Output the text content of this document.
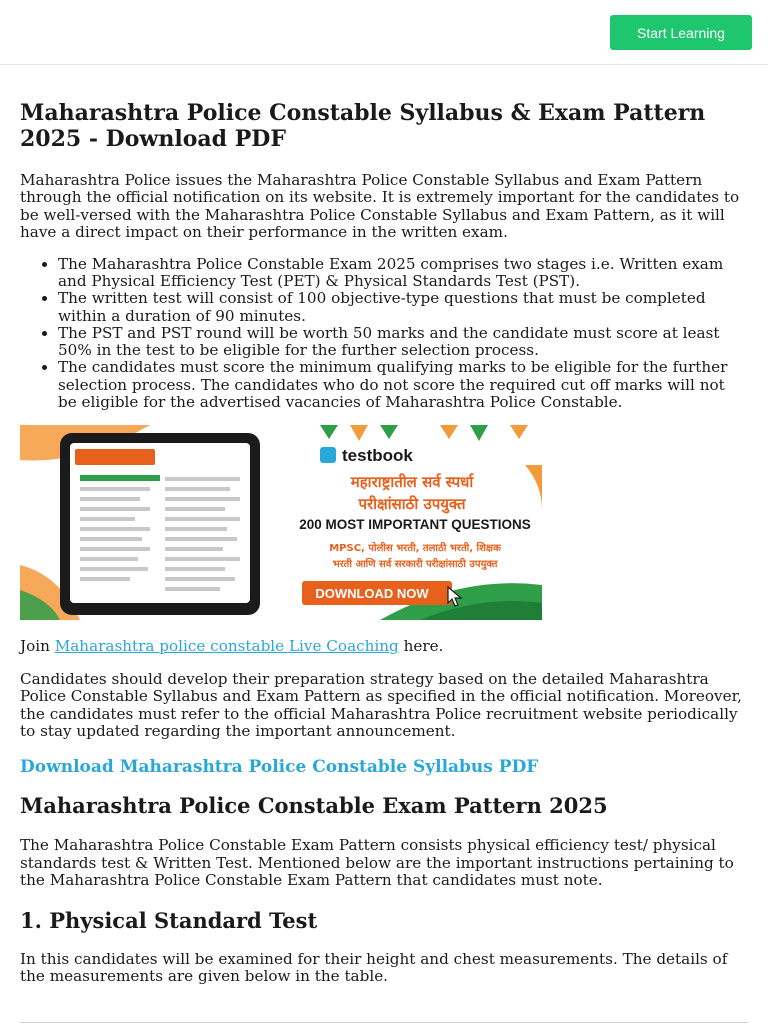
Start Learning
Maharashtra Police Constable Syllabus & Exam Pattern 2025 - Download PDF

Maharashtra Police issues the Maharashtra Police Constable Syllabus and Exam Pattern through the official notification on its website. It is extremely important for the candidates to be well-versed with the Maharashtra Police Constable Syllabus and Exam Pattern, as it will have a direct impact on their performance in the written exam.

• The Maharashtra Police Constable Exam 2025 comprises two stages i.e. Written exam and Physical Efficiency Test (PET) & Physical Standards Test (PST).
• The written test will consist of 100 objective-type questions that must be completed within a duration of 90 minutes.
• The PST and PST round will be worth 50 marks and the candidate must score at least 50% in the test to be eligible for the further selection process.
• The candidates must score the minimum qualifying marks to be eligible for the further selection process. The candidates who do not score the required cut off marks will not be eligible for the advertised vacancies of Maharashtra Police Constable.
testbook
महाराष्ट्रातील सर्व स्पर्धा
परीक्षांसाठी उपयुक्त
200 MOST IMPORTANT QUESTIONS
MPSC, पोलीस भरती, तलाठी भरती, शिक्षक
भरती आणि सर्व सरकारी परीक्षांसाठी उपयुक्त
DOWNLOAD NOW

Join Maharashtra police constable Live Coaching here.

Candidates should develop their preparation strategy based on the detailed Maharashtra Police Constable Syllabus and Exam Pattern as specified in the official notification. Moreover, the candidates must refer to the official Maharashtra Police recruitment website periodically to stay updated regarding the important announcement.

Download Maharashtra Police Constable Syllabus PDF
Maharashtra Police Constable Exam Pattern 2025

The Maharashtra Police Constable Exam Pattern consists physical efficiency test/ physical standards test & Written Test. Mentioned below are the important instructions pertaining to the Maharashtra Police Constable Exam Pattern that candidates must note.

1. Physical Standard Test

In this candidates will be examined for their height and chest measurements. The details of the measurements are given below in the table.
